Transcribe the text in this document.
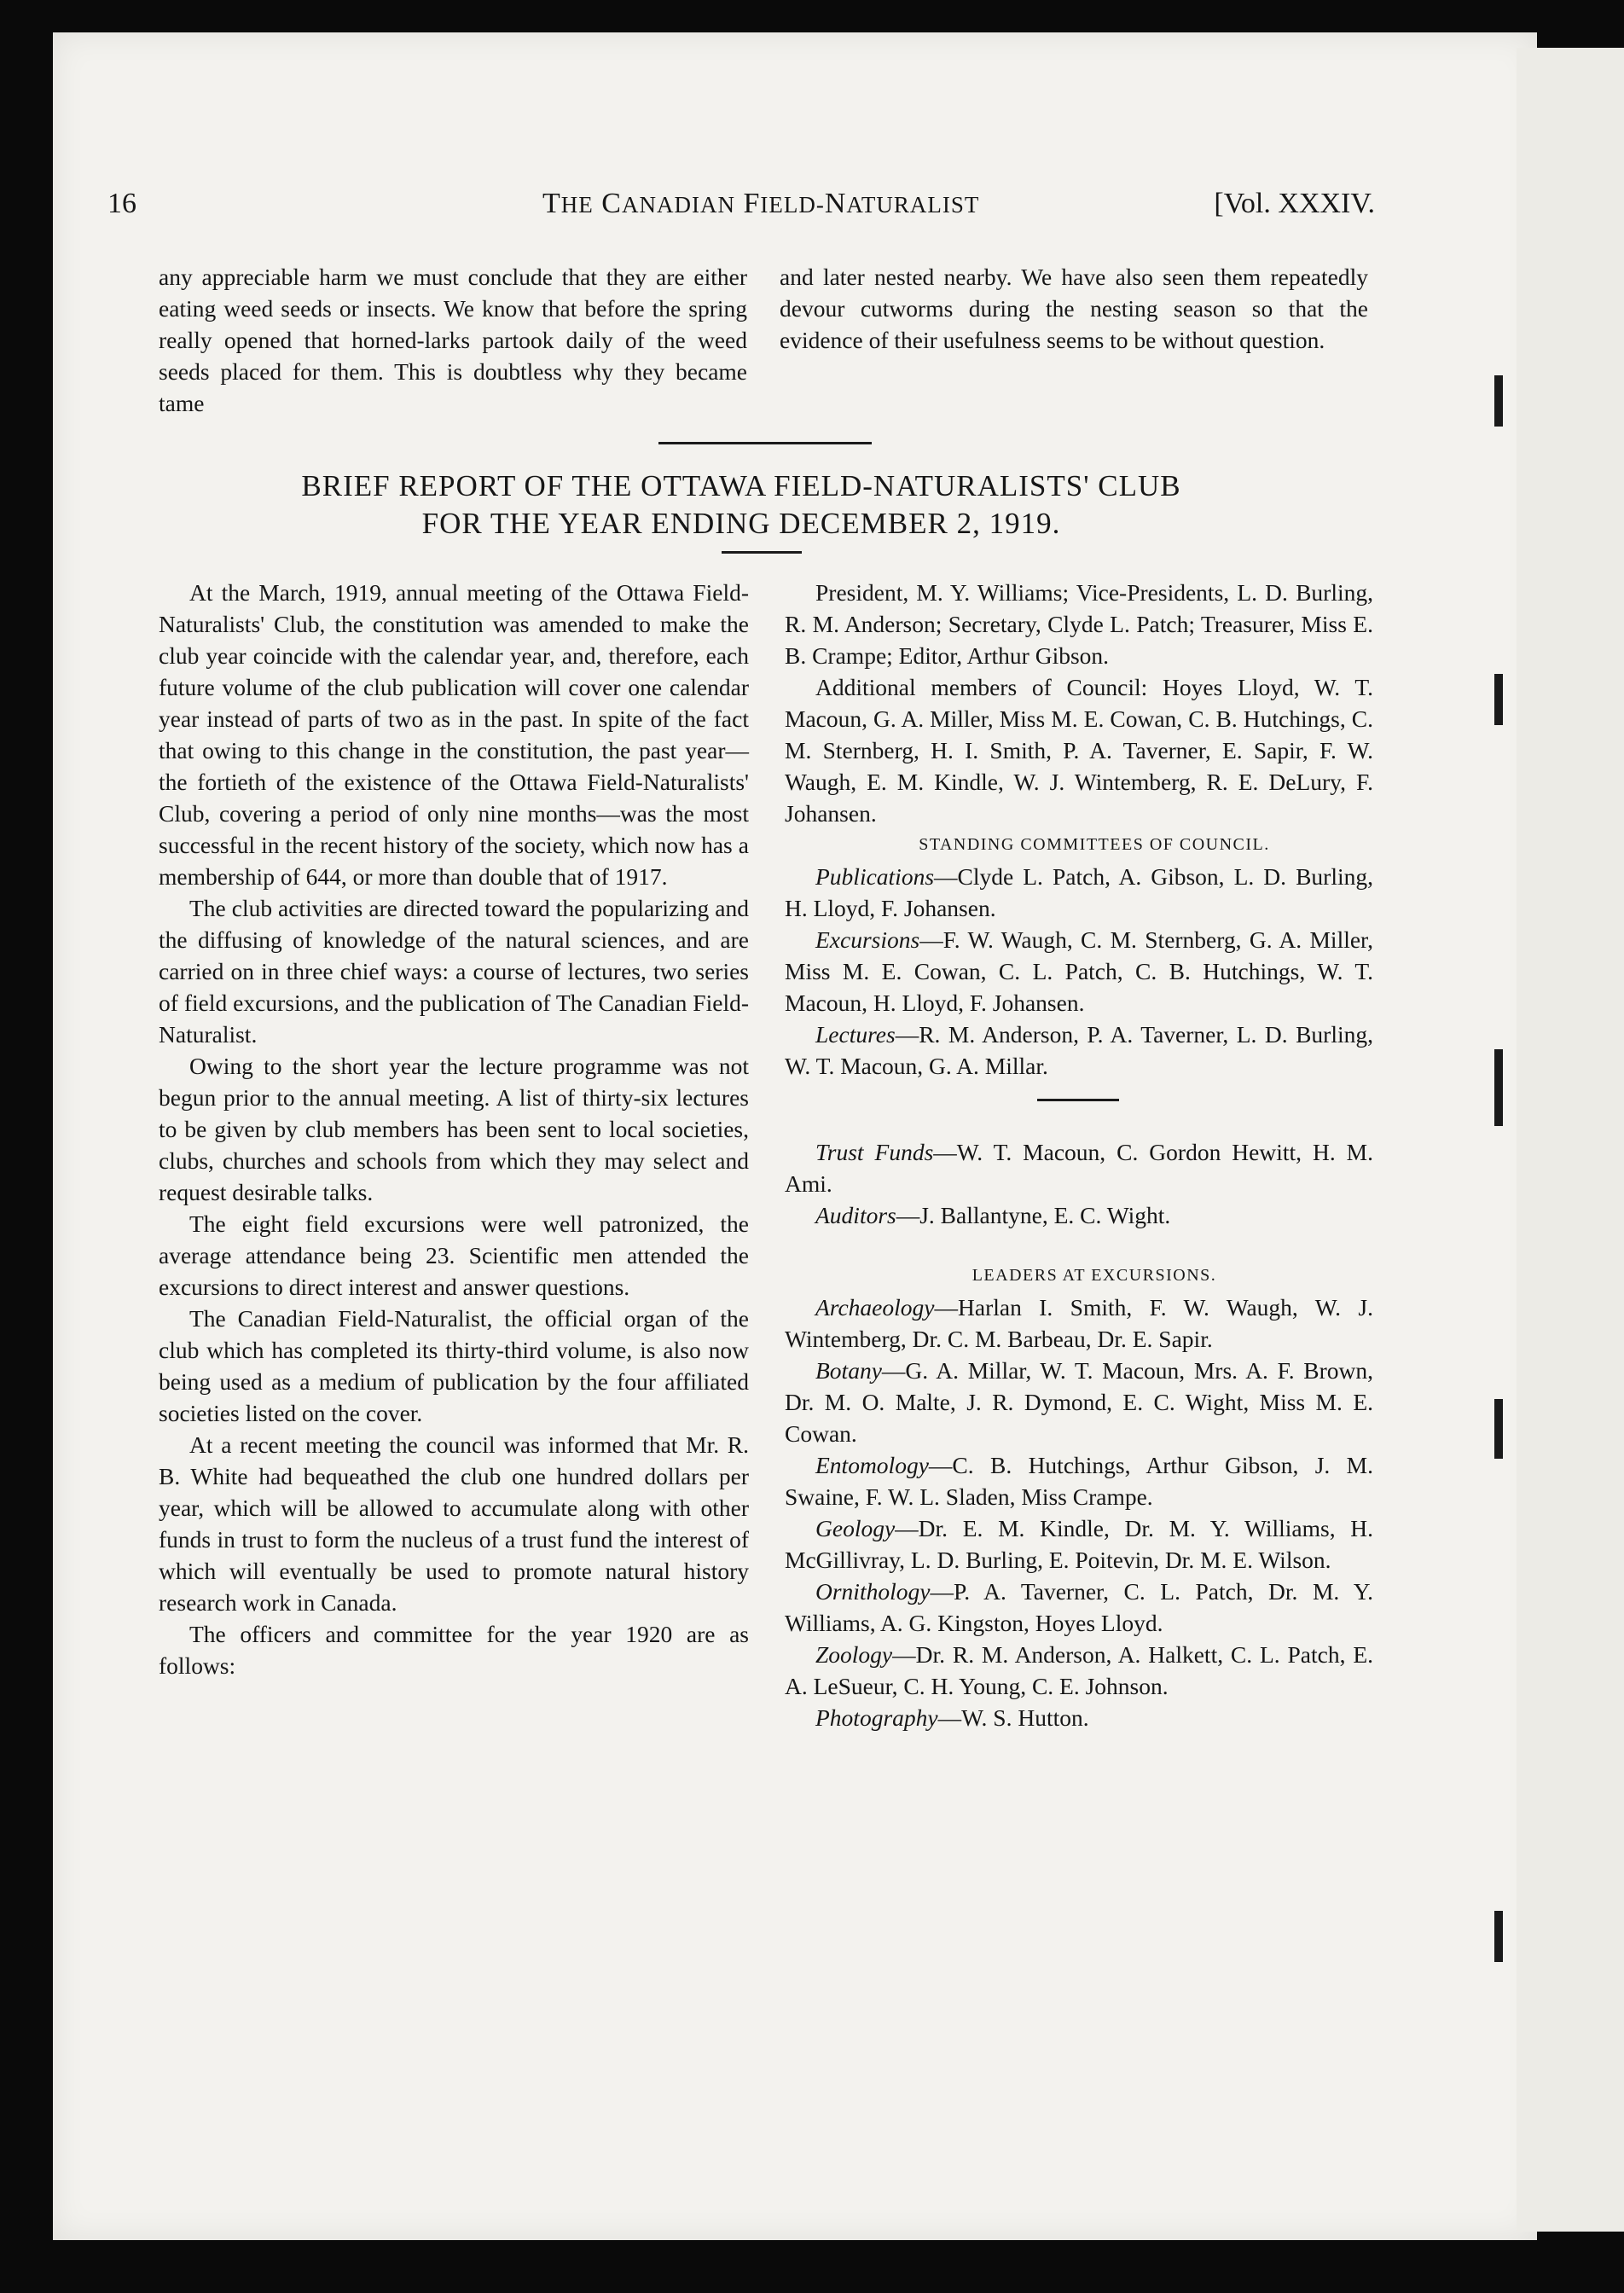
16	THE CANADIAN FIELD-NATURALIST	[Vol. XXXIV.

any appreciable harm we must conclude that they are either eating weed seeds or insects. We know that before the spring really opened that horned-larks partook daily of the weed seeds placed for them. This is doubtless why they became tame

and later nested nearby. We have also seen them repeatedly devour cutworms during the nesting season so that the evidence of their usefulness seems to be without question.

BRIEF REPORT OF THE OTTAWA FIELD-NATURALISTS' CLUB
FOR THE YEAR ENDING DECEMBER 2, 1919.

At the March, 1919, annual meeting of the Ottawa Field-Naturalists' Club, the constitution was amended to make the club year coincide with the calendar year, and, therefore, each future volume of the club publication will cover one calendar year instead of parts of two as in the past. In spite of the fact that owing to this change in the constitution, the past year—the fortieth of the existence of the Ottawa Field-Naturalists' Club, covering a period of only nine months—was the most successful in the recent history of the society, which now has a membership of 644, or more than double that of 1917.

The club activities are directed toward the popularizing and the diffusing of knowledge of the natural sciences, and are carried on in three chief ways: a course of lectures, two series of field excursions, and the publication of The Canadian Field-Naturalist.

Owing to the short year the lecture programme was not begun prior to the annual meeting. A list of thirty-six lectures to be given by club members has been sent to local societies, clubs, churches and schools from which they may select and request desirable talks.

The eight field excursions were well patronized, the average attendance being 23. Scientific men attended the excursions to direct interest and answer questions.

The Canadian Field-Naturalist, the official organ of the club which has completed its thirty-third volume, is also now being used as a medium of publication by the four affiliated societies listed on the cover.

At a recent meeting the council was informed that Mr. R. B. White had bequeathed the club one hundred dollars per year, which will be allowed to accumulate along with other funds in trust to form the nucleus of a trust fund the interest of which will eventually be used to promote natural history research work in Canada.

The officers and committee for the year 1920 are as follows:

President, M. Y. Williams; Vice-Presidents, L. D. Burling, R. M. Anderson; Secretary, Clyde L. Patch; Treasurer, Miss E. B. Crampe; Editor, Arthur Gibson.

Additional members of Council: Hoyes Lloyd, W. T. Macoun, G. A. Miller, Miss M. E. Cowan, C. B. Hutchings, C. M. Sternberg, H. I. Smith, P. A. Taverner, E. Sapir, F. W. Waugh, E. M. Kindle, W. J. Wintemberg, R. E. DeLury, F. Johansen.

STANDING COMMITTEES OF COUNCIL.

Publications—Clyde L. Patch, A. Gibson, L. D. Burling, H. Lloyd, F. Johansen.

Excursions—F. W. Waugh, C. M. Sternberg, G. A. Miller, Miss M. E. Cowan, C. L. Patch, C. B. Hutchings, W. T. Macoun, H. Lloyd, F. Johansen.

Lectures—R. M. Anderson, P. A. Taverner, L. D. Burling, W. T. Macoun, G. A. Millar.

Trust Funds—W. T. Macoun, C. Gordon Hewitt, H. M. Ami.

Auditors—J. Ballantyne, E. C. Wight.

LEADERS AT EXCURSIONS.

Archaeology—Harlan I. Smith, F. W. Waugh, W. J. Wintemberg, Dr. C. M. Barbeau, Dr. E. Sapir.

Botany—G. A. Millar, W. T. Macoun, Mrs. A. F. Brown, Dr. M. O. Malte, J. R. Dymond, E. C. Wight, Miss M. E. Cowan.

Entomology—C. B. Hutchings, Arthur Gibson, J. M. Swaine, F. W. L. Sladen, Miss Crampe.

Geology—Dr. E. M. Kindle, Dr. M. Y. Williams, H. McGillivray, L. D. Burling, E. Poitevin, Dr. M. E. Wilson.

Ornithology—P. A. Taverner, C. L. Patch, Dr. M. Y. Williams, A. G. Kingston, Hoyes Lloyd.

Zoology—Dr. R. M. Anderson, A. Halkett, C. L. Patch, E. A. LeSueur, C. H. Young, C. E. Johnson.

Photography—W. S. Hutton.
